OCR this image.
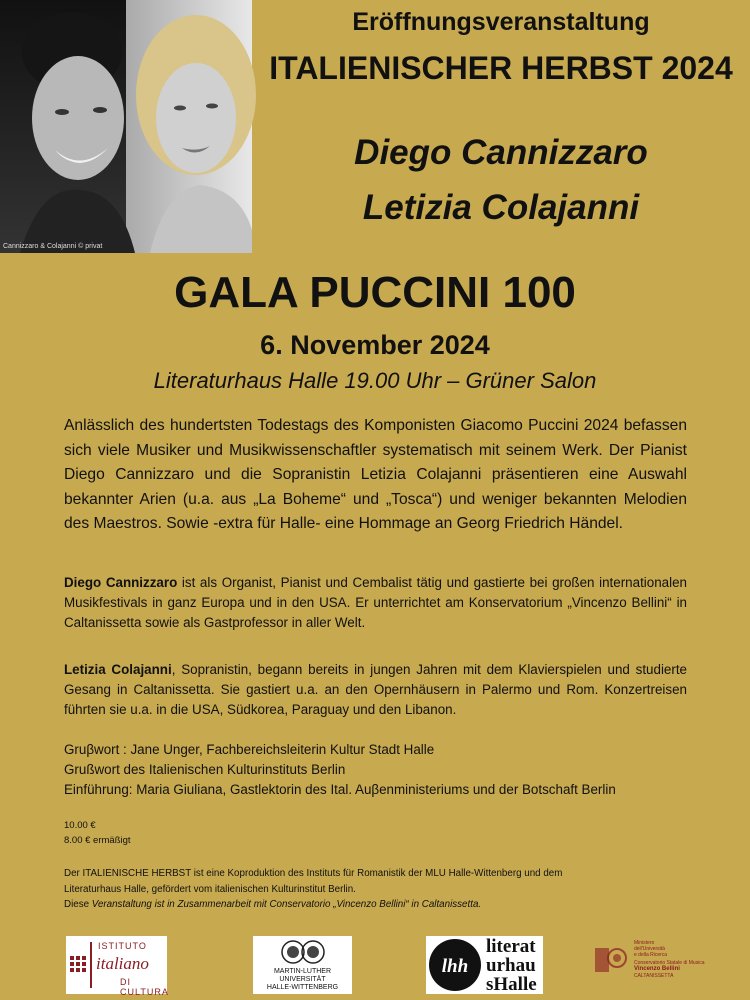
Cannizzaro & Colajanni © privat
Eröffnungsveranstaltung
ITALIENISCHER HERBST 2024
Diego Cannizzaro
Letizia Colajanni
GALA PUCCINI 100
6. November 2024
Literaturhaus Halle 19.00 Uhr – Grüner Salon

Anlässlich des hundertsten Todestags des Komponisten Giacomo Puccini 2024 befassen sich viele Musiker und Musikwissenschaftler systematisch mit seinem Werk. Der Pianist Diego Cannizzaro und die Sopranistin Letizia Colajanni präsentieren eine Auswahl bekannter Arien (u.a. aus „La Boheme“ und „Tosca“) und weniger bekannten Melodien des Maestros. Sowie -extra für Halle- eine Hommage an Georg Friedrich Händel.

Diego Cannizzaro ist als Organist, Pianist und Cembalist tätig und gastierte bei großen internationalen Musikfestivals in ganz Europa und in den USA. Er unterrichtet am Konservatorium „Vincenzo Bellini“ in Caltanissetta sowie als Gastprofessor in aller Welt.

Letizia Colajanni, Sopranistin, begann bereits in jungen Jahren mit dem Klavierspielen und studierte Gesang in Caltanissetta. Sie gastiert u.a. an den Opernhäusern in Palermo und Rom. Konzertreisen führten sie u.a. in die USA, Südkorea, Paraguay und den Libanon.

Gruβwort : Jane Unger, Fachbereichsleiterin Kultur Stadt Halle
Grußwort des Italienischen Kulturinstituts Berlin
Einführung: Maria Giuliana, Gastlektorin des Ital. Auβenministeriums und der Botschaft Berlin
10.00 €
8.00 € ermäßigt
Der ITALIENISCHE HERBST ist eine Koproduktion des Instituts für Romanistik der MLU Halle-Wittenberg und dem
Literaturhaus Halle, gefördert vom italienischen Kulturinstitut Berlin.
Diese Veranstaltung ist in Zusammenarbeit mit Conservatorio „Vincenzo Bellini“ in Caltanissetta.
ISTITUTO
italiano
DI CULTURA
MARTIN-LUTHER
UNIVERSITÄT
HALLE-WITTENBERG
lhh
literat
urhau
sHalle
Ministero
dell'Università
e della Ricerca
Conservatorio Statale di Musica
Vincenzo Bellini
CALTANISSETTA
